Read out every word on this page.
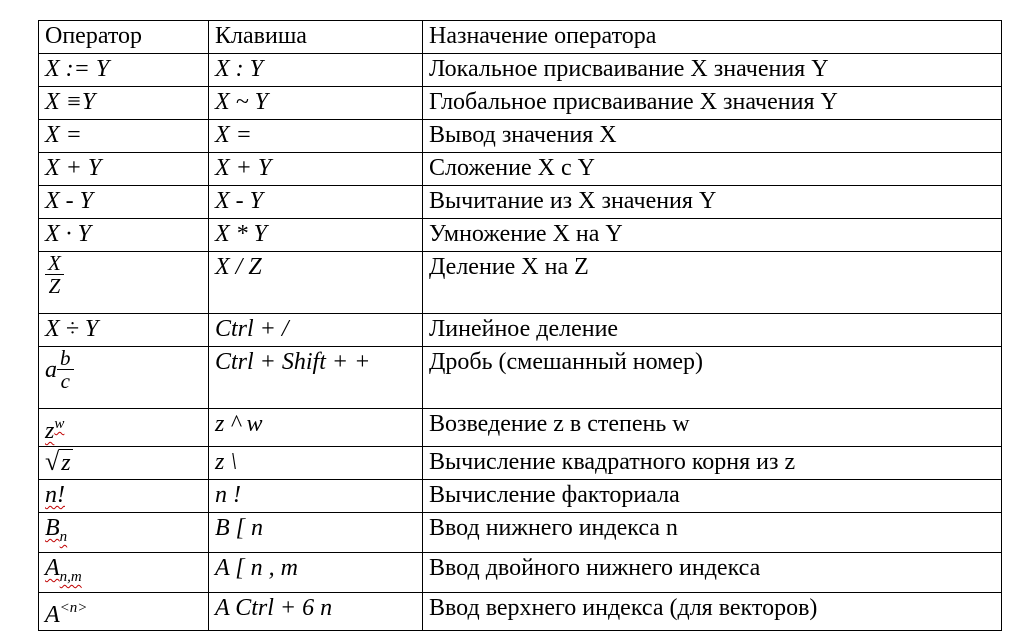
Оператор	Клавиша	Назначение оператора
X := Y	X : Y	Локальное присваивание X значения Y
X ≡Y	X ~ Y	Глобальное присваивание X значения Y
X =	X =	Вывод значения X
X + Y	X + Y	Сложение X с Y
X - Y	X - Y	Вычитание из X значения Y
X · Y	X * Y	Умножение X на Y

$\frac{X}{Z}$	X / Z	Деление X на Z
X ÷ Y	Ctrl + /	Линейное деление

a $\frac{b}{c}$	Ctrl + Shift + +	Дробь (смешанный номер)
$z^w$	z ^ w	Возведение z в степень w
√z	z \	Вычисление квадратного корня из z
n!	n !	Вычисление факториала
$B_n$	B [ n	Ввод нижнего индекса n
$A_{n,m}$	A [ n , m	Ввод двойного нижнего индекса
$A^{<n>}$	A Ctrl + 6 n	Ввод верхнего индекса (для векторов)
